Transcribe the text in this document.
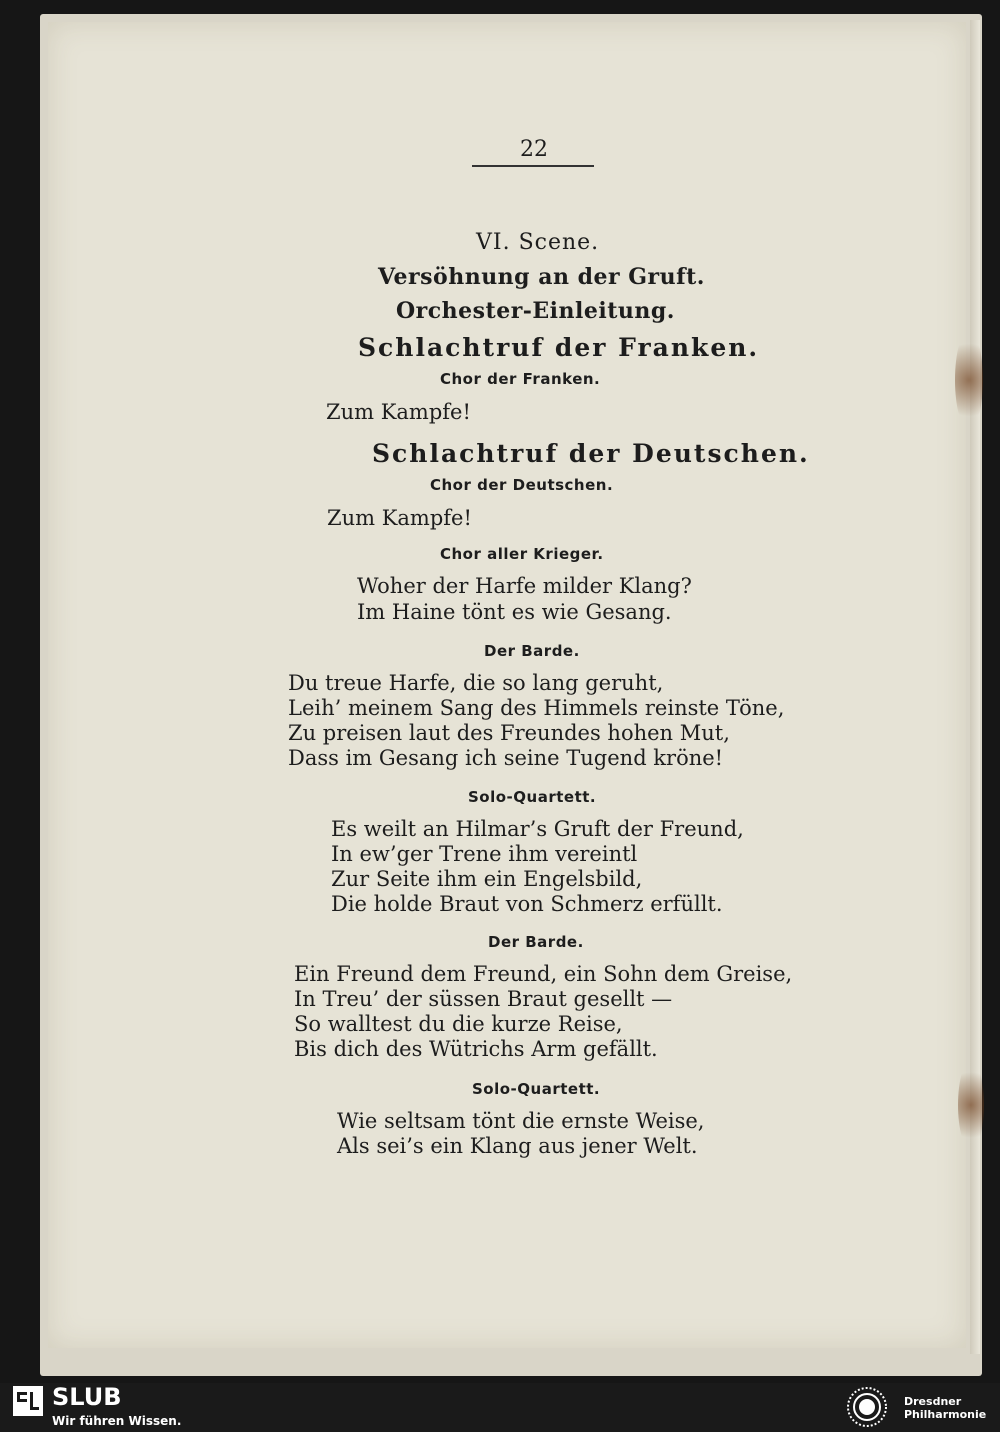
22
VI. Scene.
Versöhnung an der Gruft.
Orchester-Einleitung.
Schlachtruf der Franken.
Chor der Franken.
Zum Kampfe!
Schlachtruf der Deutschen.
Chor der Deutschen.
Zum Kampfe!
Chor aller Krieger.
Woher der Harfe milder Klang?
Im Haine tönt es wie Gesang.
Der Barde.
Du treue Harfe, die so lang geruht,
Leih’ meinem Sang des Himmels reinste Töne,
Zu preisen laut des Freundes hohen Mut,
Dass im Gesang ich seine Tugend kröne!
Solo-Quartett.
Es weilt an Hilmar’s Gruft der Freund,
In ew’ger Trene ihm vereintl
Zur Seite ihm ein Engelsbild,
Die holde Braut von Schmerz erfüllt.
Der Barde.
Ein Freund dem Freund, ein Sohn dem Greise,
In Treu’ der süssen Braut gesellt —
So walltest du die kurze Reise,
Bis dich des Wütrichs Arm gefällt.
Solo-Quartett.
Wie seltsam tönt die ernste Weise,
Als sei’s ein Klang aus jener Welt.
SLUB
Wir führen Wissen.
Dresdner
Philharmonie
